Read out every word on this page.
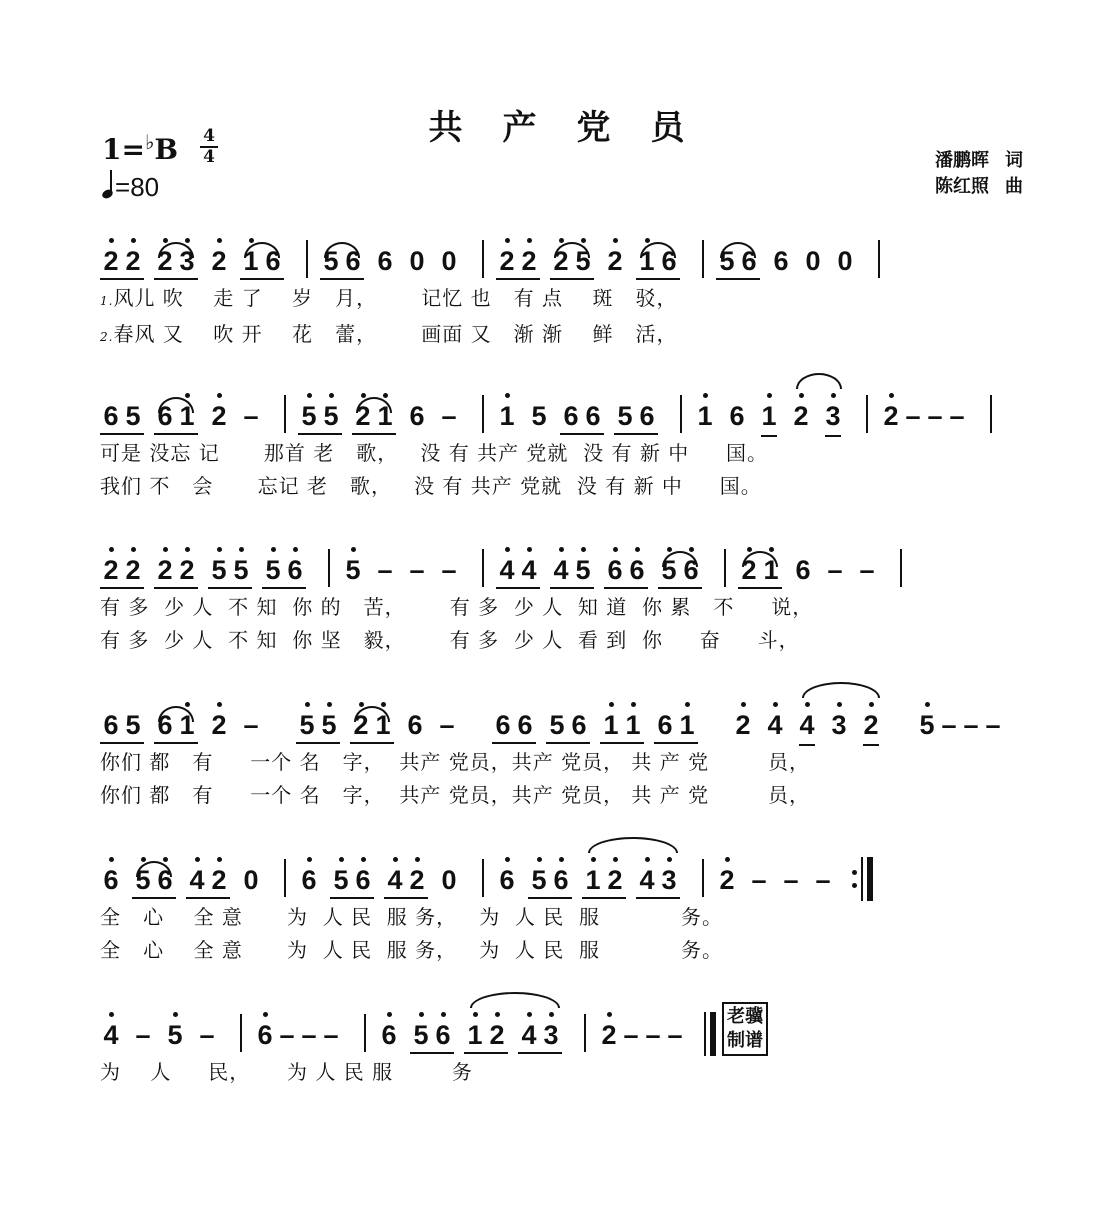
共产党员
1=♭B 4
4
=80
潘鹏晖 词
陈红照 曲
2 2 2 3 2 1 6 5 6 6 0 0 2 2 2 5 2 1 6 5 6 6 0 0
1.风儿 吹    走 了    岁   月，      记忆 也   有 点    斑   驳，
2.春风 又    吹 开    花   蕾，      画面 又   渐 渐    鲜   活，
6 5 6 1 2 – 5 5 2 1 6 – 1 5 6 6 5 6 1 6 1 2 3 2 – – –
可是 没忘 记      那首 老   歌，   没 有 共产 党就  没 有 新 中     国。
我们 不   会      忘记 老   歌，   没 有 共产 党就  没 有 新 中     国。
2 2 2 2 5 5 5 6 5 – – – 4 4 4 5 6 6 5 6 2 1 6 – –
有 多  少 人  不 知  你 的   苦，      有 多  少 人  知 道  你 累   不     说，
有 多  少 人  不 知  你 坚   毅，      有 多  少 人  看 到  你     奋     斗，
6 5 6 1 2 – 5 5 2 1 6 – 6 6 5 6 1 1 6 1 2 4 4 3 2 5 – – –
你们 都   有     一个 名   字，  共产 党员，共产 党员， 共 产 党        员，
你们 都   有     一个 名   字，  共产 党员，共产 党员， 共 产 党        员，
6 5 6 4 2 0 6 5 6 4 2 0 6 5 6 1 2 4 3 2 – – –
全   心    全 意      为  人 民  服 务，   为  人 民  服           务。
全   心    全 意      为  人 民  服 务，   为  人 民  服           务。
4 – 5 – 6 – – – 6 5 6 1 2 4 3 2 – – –
老骥
制谱
为    人     民，     为 人 民 服        务
